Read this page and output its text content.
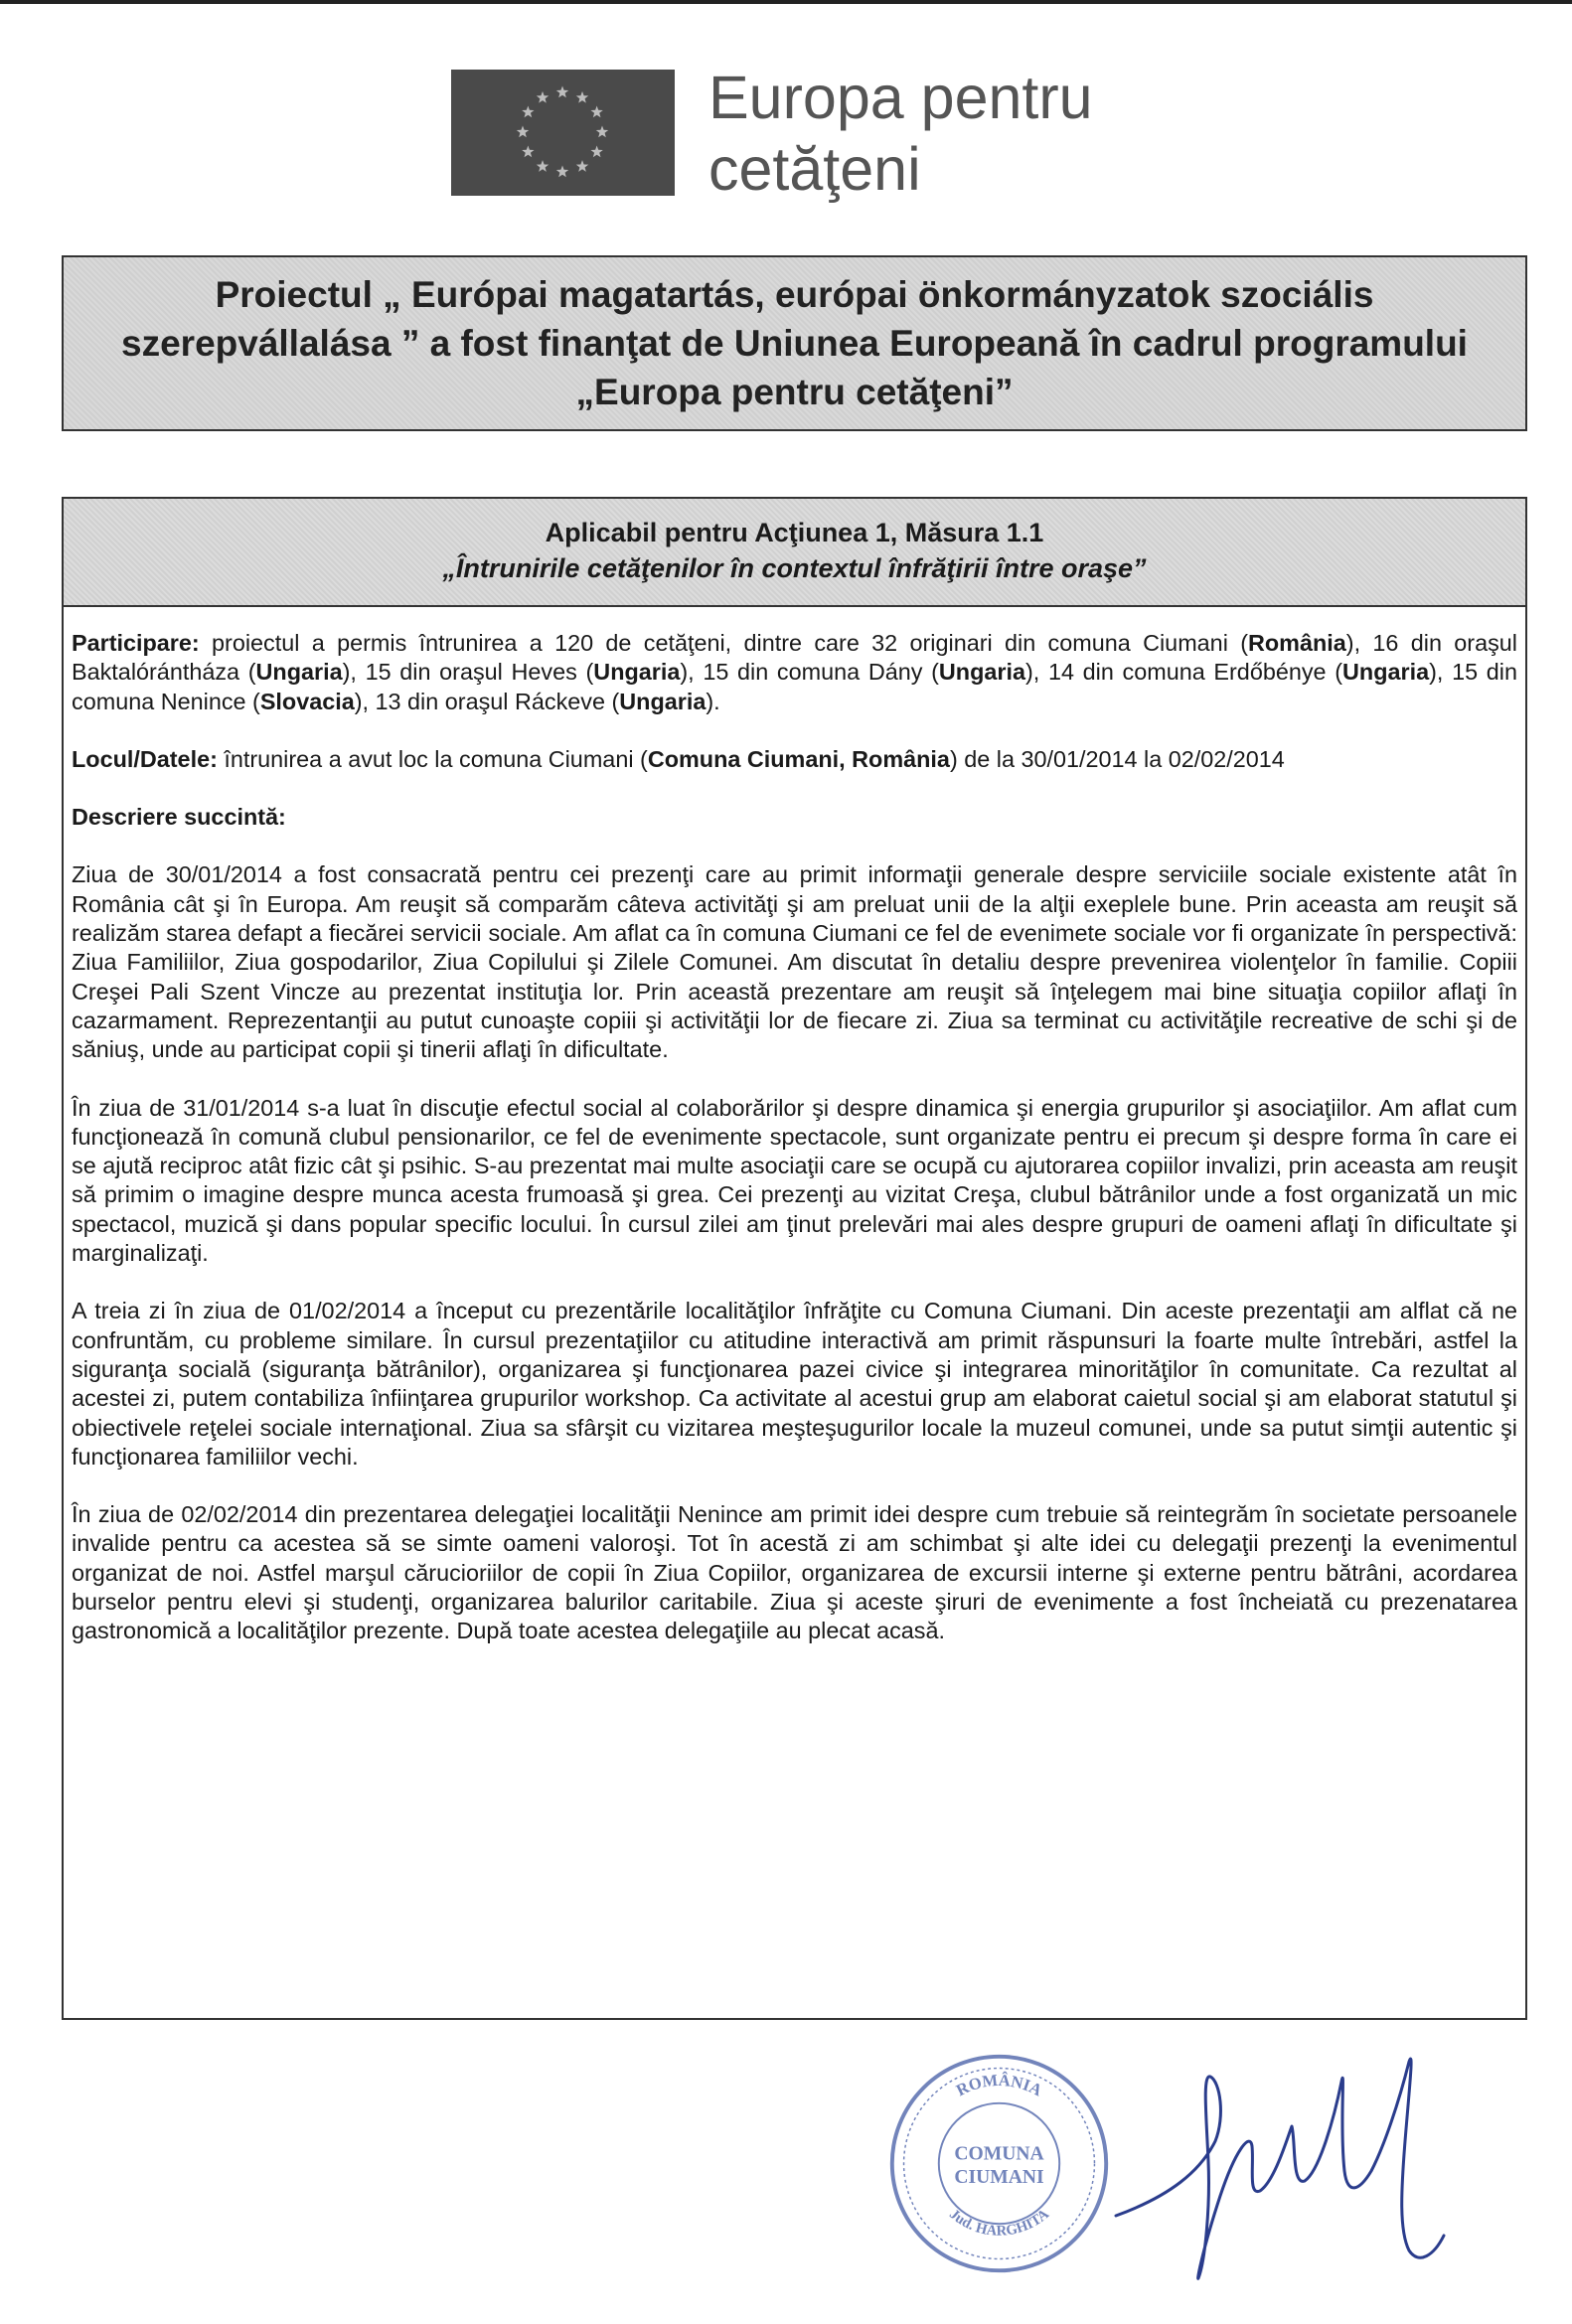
Europa pentru
cetăţeni

Proiectul „ Európai magatartás, európai önkormányzatok szociális szerepvállalása ” a fost finanţat de Uniunea Europeană în cadrul programului „Europa pentru cetăţeni”

Aplicabil pentru Acţiunea 1, Măsura 1.1
„Întrunirile cetăţenilor în contextul înfrăţirii între oraşe”

Participare: proiectul a permis întrunirea a 120 de cetăţeni, dintre care 32 originari din comuna Ciumani (România), 16 din oraşul Baktalórántháza (Ungaria), 15 din oraşul Heves (Ungaria), 15 din comuna Dány (Ungaria), 14 din comuna Erdőbénye (Ungaria), 15 din comuna Nenince (Slovacia), 13 din oraşul Ráckeve (Ungaria).

Locul/Datele: întrunirea a avut loc la comuna Ciumani (Comuna Ciumani, România) de la 30/01/2014 la 02/02/2014

Descriere succintă:

Ziua de 30/01/2014 a fost consacrată pentru cei prezenţi care au primit informaţii generale despre serviciile sociale existente atât în România cât şi în Europa. Am reuşit să comparăm câteva activităţi şi am preluat unii de la alţii exeplele bune. Prin aceasta am reuşit să realizăm starea defapt a fiecărei servicii sociale. Am aflat ca în comuna Ciumani ce fel de evenimete sociale vor fi organizate în perspectivă: Ziua Familiilor, Ziua gospodarilor, Ziua Copilului şi Zilele Comunei. Am discutat în detaliu despre prevenirea violenţelor în familie. Copiii Creşei Pali Szent Vincze au prezentat instituţia lor. Prin această prezentare am reuşit să înţelegem mai bine situaţia copiilor aflaţi în cazarmament. Reprezentanţii au putut cunoaşte copiii şi activităţii lor de fiecare zi. Ziua sa terminat cu activităţile recreative de schi şi de săniuş, unde au participat copii şi tinerii aflaţi în dificultate.

În ziua de 31/01/2014 s-a luat în discuţie efectul social al colaborărilor şi despre dinamica şi energia grupurilor şi asociaţiilor. Am aflat cum funcţionează în comună clubul pensionarilor, ce fel de evenimente spectacole, sunt organizate pentru ei precum şi despre forma în care ei se ajută reciproc atât fizic cât şi psihic. S-au prezentat mai multe asociaţii care se ocupă cu ajutorarea copiilor invalizi, prin aceasta am reuşit să primim o imagine despre munca acesta frumoasă şi grea. Cei prezenţi au vizitat Creşa, clubul bătrânilor unde a fost organizată un mic spectacol, muzică şi dans popular specific locului. În cursul zilei am ţinut prelevări mai ales despre grupuri de oameni aflaţi în dificultate şi marginalizaţi.

A treia zi în ziua de 01/02/2014 a început cu prezentările localităţilor înfrăţite cu Comuna Ciumani. Din aceste prezentaţii am alflat că ne confruntăm, cu probleme similare. În cursul prezentaţiilor cu atitudine interactivă am primit răspunsuri la foarte multe întrebări, astfel la siguranţa socială (siguranţa bătrânilor), organizarea şi funcţionarea pazei civice şi integrarea minorităţilor în comunitate. Ca rezultat al acestei zi, putem contabiliza înfiinţarea grupurilor workshop. Ca activitate al acestui grup am elaborat caietul social şi am elaborat statutul şi obiectivele reţelei sociale internaţional. Ziua sa sfârşit cu vizitarea meşteşugurilor locale la muzeul comunei, unde sa putut simţii autentic şi funcţionarea familiilor vechi.

În ziua de 02/02/2014 din prezentarea delegaţiei localităţii Nenince am primit idei despre cum trebuie să reintegrăm în societate persoanele invalide pentru ca acestea să se simte oameni valoroşi. Tot în acestă zi am schimbat şi alte idei cu delegaţii prezenţi la evenimentul organizat de noi. Astfel marşul cărucioriilor de copii în Ziua Copiilor, organizarea de excursii interne şi externe pentru bătrâni, acordarea burselor pentru elevi şi studenţi, organizarea balurilor caritabile. Ziua şi aceste şiruri de evenimente a fost încheiată cu prezenatarea gastronomică a localităţilor prezente. După toate acestea delegaţiile au plecat acasă.

ROMÂNIA
Jud. HARGHITA
COMUNA
CIUMANI
